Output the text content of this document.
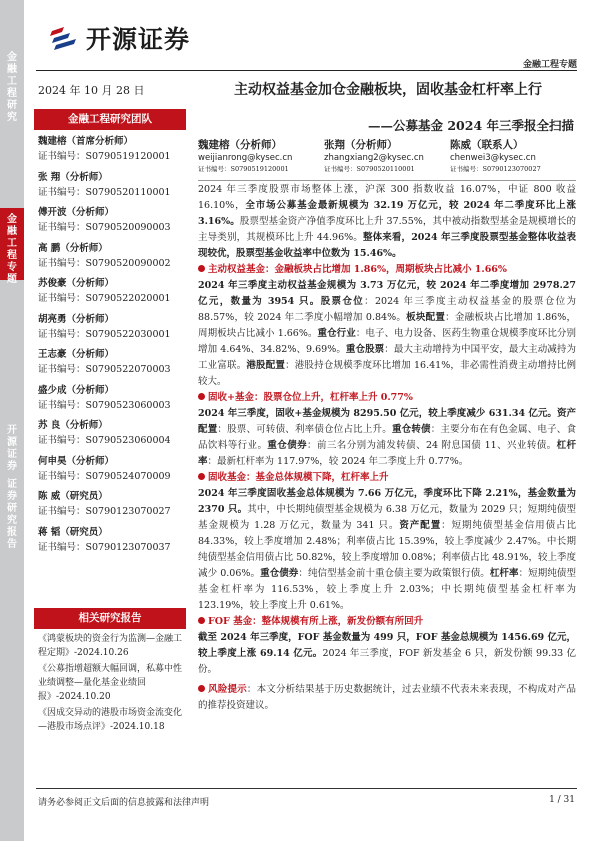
金
融
工
程
研
究
金
融
工
程
专
题
开
源
证
券
证
券
研
究
报
告
开源证券
金融工程专题
2024 年 10 月 28 日	主动权益基金加仓金融板块，固收基金杠杆率上行
——公募基金 2024 年三季报全扫描
金融工程研究团队
魏建榕（首席分析师）
证书编号：S0790519120001
张 翔（分析师）
证书编号：S0790520110001
傅开波（分析师）
证书编号：S0790520090003
高 鹏（分析师）
证书编号：S0790520090002
苏俊豪（分析师）
证书编号：S0790522020001
胡亮勇（分析师）
证书编号：S0790522030001
王志豪（分析师）
证书编号：S0790522070003
盛少成（分析师）
证书编号：S0790523060003
苏 良（分析师）
证书编号：S0790523060004
何申昊（分析师）
证书编号：S0790524070009
陈 威（研究员）
证书编号：S0790123070027
蒋 韬（研究员）
证书编号：S0790123070037
相关研究报告
《鸿蒙板块的资金行为监测—金融工程定期》-2024.10.26
《公募指增超额大幅回调，私募中性业绩调整—量化基金业绩回报》-2024.10.20
《因成交异动的港股市场资金流变化—港股市场点评》-2024.10.18
魏建榕（分析师）
weijianrong@kysec.cn
证书编号：S0790519120001
张翔（分析师）
zhangxiang2@kysec.cn
证书编号：S0790520110001
陈威（联系人）
chenwei3@kysec.cn
证书编号：S0790123070027

2024 年三季度股票市场整体上涨，沪深 300 指数收益 16.07%，中证 800 收益 16.10%，全市场公募基金最新规模为 32.19 万亿元，较 2024 年二季度环比上涨 3.16%。股票型基金资产净值季度环比上升 37.55%，其中被动指数型基金是规模增长的主导类别，其规模环比上升 44.96%。整体来看，2024 年三季度股票型基金整体收益表现较优，股票型基金收益率中位数为 15.46%。

主动权益基金：金融板块占比增加 1.86%，周期板块占比减小 1.66%

2024 年三季度主动权益基金规模为 3.73 万亿元，较 2024 年二季度增加 2978.27 亿元，数量为 3954 只。股票仓位：2024 年三季度主动权益基金的股票仓位为 88.57%，较 2024 年二季度小幅增加 0.84%。板块配置：金融板块占比增加 1.86%，周期板块占比减小 1.66%。重仓行业：电子、电力设备、医药生物重仓规模季度环比分别增加 4.64%、34.82%、9.69%。重仓股票：最大主动增持为中国平安，最大主动减持为工业富联。港股配置：港股持仓规模季度环比增加 16.41%，非必需性消费主动增持比例较大。

固收+基金：股票仓位上升，杠杆率上升 0.77%

2024 年三季度，固收+基金规模为 8295.50 亿元，较上季度减少 631.34 亿元。资产配置：股票、可转债、利率债仓位占比上升。重仓转债：主要分布在有色金属、电子、食品饮料等行业。重仓债券：前三名分别为浦发转债、24 附息国债 11、兴业转债。杠杆率：最新杠杆率为 117.97%，较 2024 年二季度上升 0.77%。

固收基金：基金总体规模下降，杠杆率上升

2024 年三季度固收基金总体规模为 7.66 万亿元，季度环比下降 2.21%，基金数量为 2370 只。其中，中长期纯债型基金规模为 6.38 万亿元，数量为 2029 只；短期纯债型基金规模为 1.28 万亿元，数量为 341 只。资产配置：短期纯债型基金信用债占比 84.33%，较上季度增加 2.48%；利率债占比 15.39%，较上季度减少 2.47%。中长期纯债型基金信用债占比 50.82%，较上季度增加 0.08%；利率债占比 48.91%，较上季度减少 0.06%。重仓债券：纯信型基金前十重仓债主要为政策银行债。杠杆率：短期纯债型基金杠杆率为 116.53%，较上季度上升 2.03%；中长期纯债型基金杠杆率为 123.19%，较上季度上升 0.61%。

FOF 基金：整体规模有所上涨，新发份额有所回升

截至 2024 年三季度，FOF 基金数量为 499 只，FOF 基金总规模为 1456.69 亿元，较上季度上涨 69.14 亿元。2024 年三季度，FOF 新发基金 6 只，新发份额 99.33 亿份。

风险提示：本文分析结果基于历史数据统计，过去业绩不代表未来表现，不构成对产品的推荐投资建议。

请务必参阅正文后面的信息披露和法律声明	1 / 31
